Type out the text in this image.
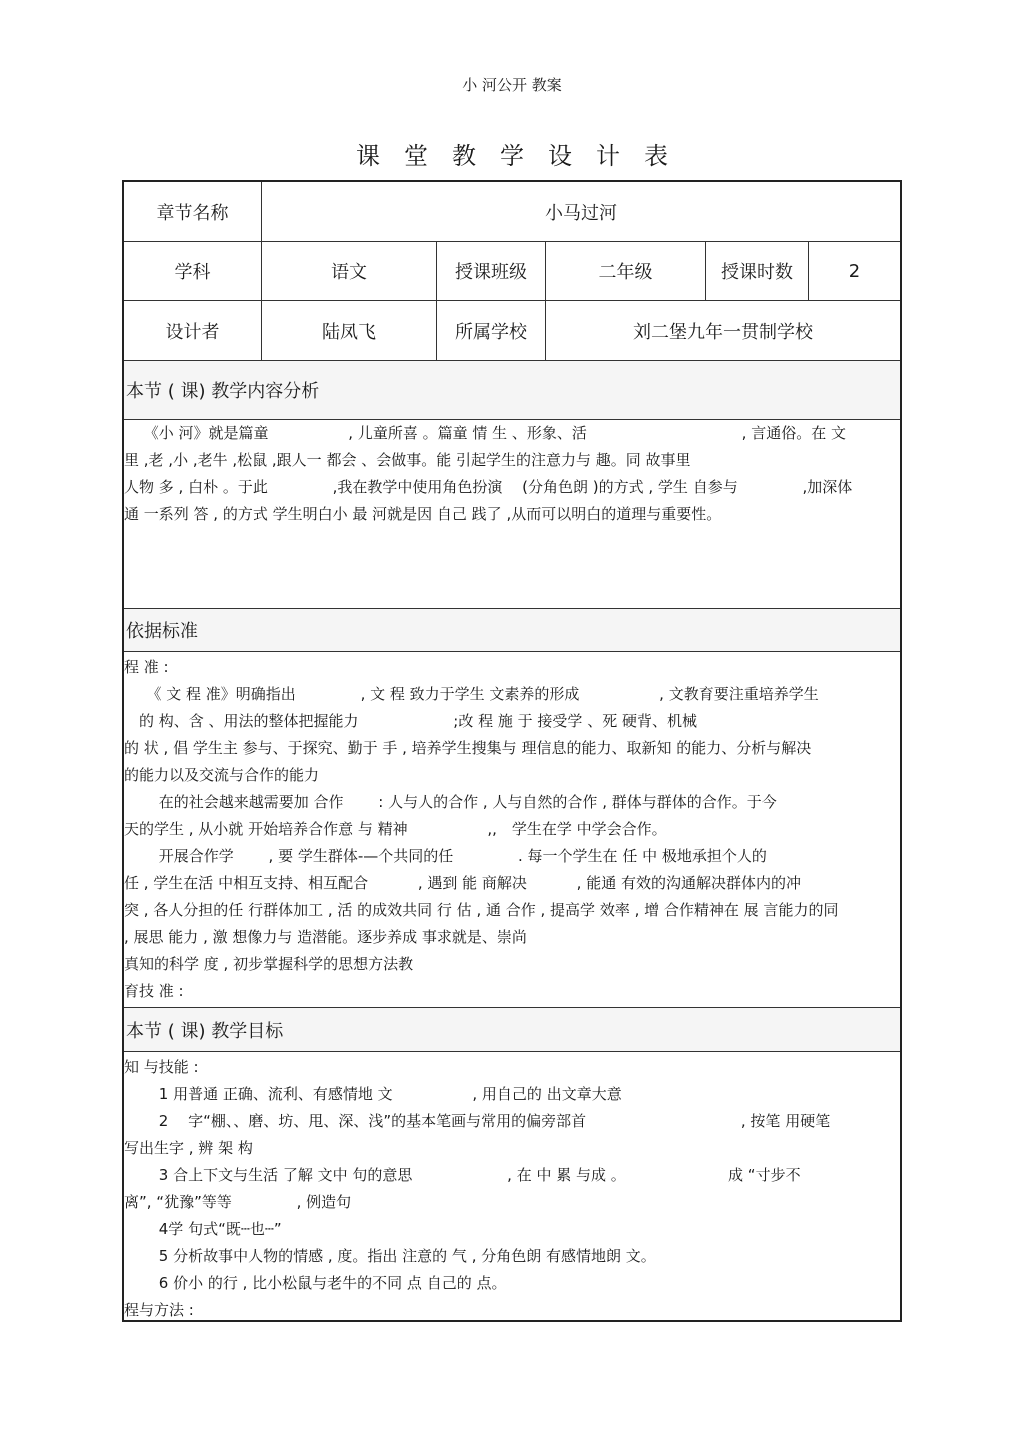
小 河公开 教案
课堂教学设计表
章节名称	小马过河
学科	语文	授课班级	二年级	授课时数	2
设计者	陆凤飞	所属学校	刘二堡九年一贯制学校
本节 ( 课) 教学内容分析
　 《小 河》就是篇童　　　　　 , 儿童所喜 。篇童 情 生 、形象、活　　　　　　　　　　 , 言通俗。在 文
里 ,老 ,小 ,老牛 ,松鼠 ,跟人一 都会 、会做事。能 引起学生的注意力与 趣。同 故事里
人物 多 , 白朴 。于此　　　　 ,我在教学中使用角色扮演　 (分角色朗 )的方式 , 学生 自参与　　　　 ,加深体
通 一系列 答 , 的方式 学生明白小 最 河就是因 自己 践了 ,从而可以明白的道理与重要性。
依据标准
程 准 :
　　《 文 程 准》明确指出　　　　 , 文 程 致力于学生 文素养的形成　　　　　 , 文教育要注重培养学生
　的 构、含 、用法的整体把握能力　　　　　　 ;改 程 施 于 接受学 、死 硬背、机械
的 状 , 倡 学生主 参与、于探究、勤于 手 , 培养学生搜集与 理信息的能力、取新知 的能力、分析与解决
的能力以及交流与合作的能力
　　 在的社会越来越需要加 合作　　 : 人与人的合作 , 人与自然的合作 , 群体与群体的合作。于今
天的学生 , 从小就 开始培养合作意 与 精神　　　　　 ,,　学生在学 中学会合作。
　　 开展合作学　　 , 要 学生群体-—个共同的任　　　　 . 每一个学生在 任 中 极地承担个人的
任 , 学生在活 中相互支持、相互配合　　　 , 遇到 能 商解决　　　 , 能通 有效的沟通解决群体内的冲
突 , 各人分担的任 行群体加工 , 活 的成效共同 行 估 , 通 合作 , 提高学 效率 , 增 合作精神在 展 言能力的同
, 展思 能力 , 激 想像力与 造潜能。逐步养成 事求就是、崇尚
真知的科学 度 , 初步掌握科学的思想方法教
育技 准 :
本节 ( 课) 教学目标
知 与技能 :
　　 1 用普通 正确、流利、有感情地 文　　　　　 , 用自己的 出文章大意
　　 2　 字“棚、、磨、坊、甩、深、浅”的基本笔画与常用的偏旁部首　　　　　　　　　　 , 按笔 用硬笔
写出生字 , 辨 架 构
　　 3 合上下文与生活 了解 文中 句的意思　　　　　　 , 在 中 累 与成 。　　　　　　　 成 “寸步不
离”, “犹豫”等等　　　　 , 例造句
　　 4学 句式“既┄也┄”
　　 5 分析故事中人物的情感 , 度。指出 注意的 气 , 分角色朗 有感情地朗 文。
　　 6 价小 的行 , 比小松鼠与老牛的不同 点 自己的 点。
程与方法 :
